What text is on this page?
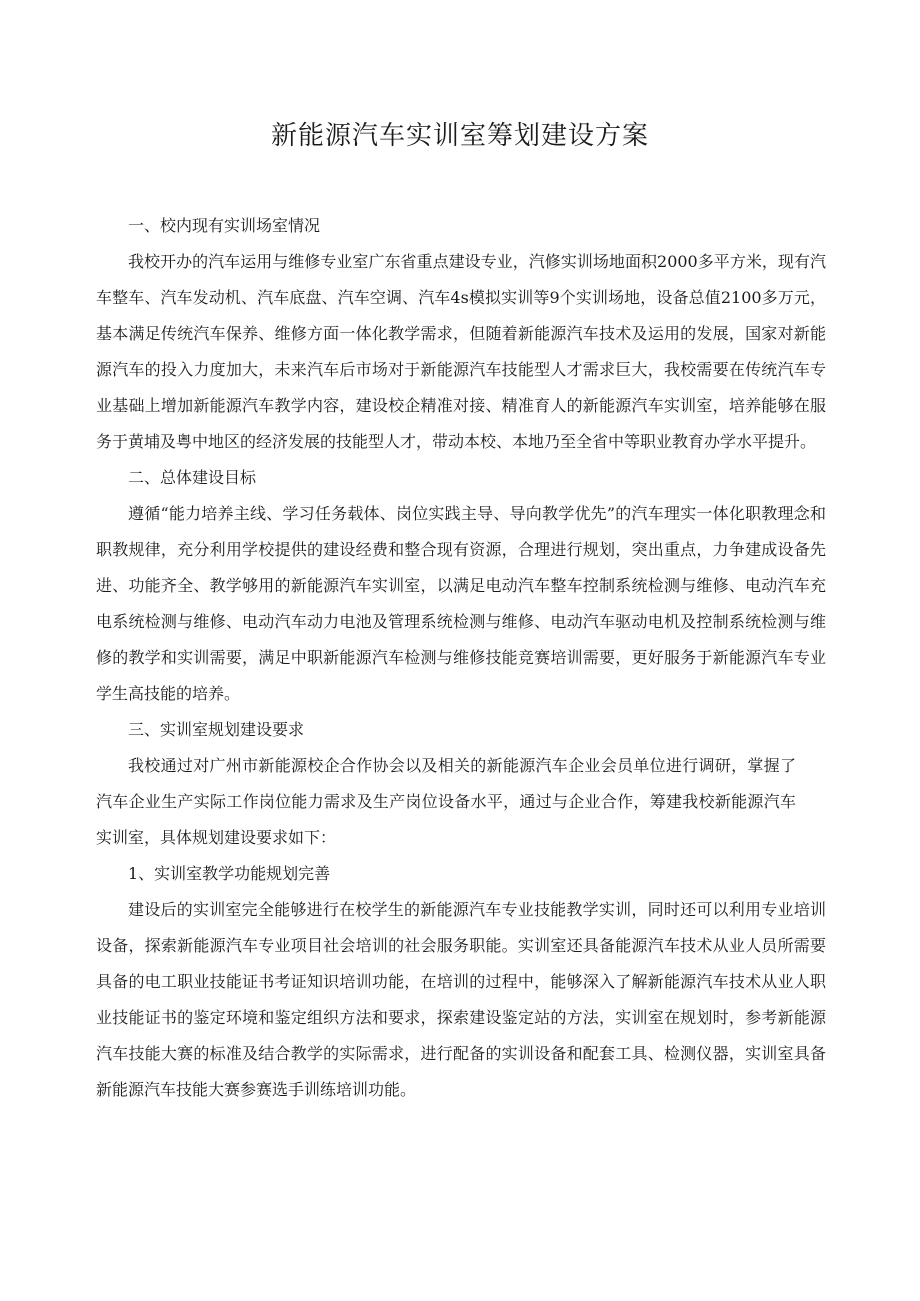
新能源汽车实训室筹划建设方案

一、校内现有实训场室情况

我校开办的汽车运用与维修专业室广东省重点建设专业，汽修实训场地面积2000多平方米，现有汽车整车、汽车发动机、汽车底盘、汽车空调、汽车4s模拟实训等9个实训场地，设备总值2100多万元，基本满足传统汽车保养、维修方面一体化教学需求，但随着新能源汽车技术及运用的发展，国家对新能源汽车的投入力度加大，未来汽车后市场对于新能源汽车技能型人才需求巨大，我校需要在传统汽车专业基础上增加新能源汽车教学内容，建设校企精准对接、精准育人的新能源汽车实训室，培养能够在服务于黄埔及粤中地区的经济发展的技能型人才，带动本校、本地乃至全省中等职业教育办学水平提升。

二、总体建设目标

遵循“能力培养主线、学习任务载体、岗位实践主导、导向教学优先”的汽车理实一体化职教理念和职教规律，充分利用学校提供的建设经费和整合现有资源，合理进行规划，突出重点，力争建成设备先进、功能齐全、教学够用的新能源汽车实训室，以满足电动汽车整车控制系统检测与维修、电动汽车充电系统检测与维修、电动汽车动力电池及管理系统检测与维修、电动汽车驱动电机及控制系统检测与维修的教学和实训需要，满足中职新能源汽车检测与维修技能竞赛培训需要，更好服务于新能源汽车专业学生高技能的培养。

三、实训室规划建设要求

我校通过对广州市新能源校企合作协会以及相关的新能源汽车企业会员单位进行调研，掌握了汽车企业生产实际工作岗位能力需求及生产岗位设备水平，通过与企业合作，筹建我校新能源汽车实训室，具体规划建设要求如下：

1、实训室教学功能规划完善

建设后的实训室完全能够进行在校学生的新能源汽车专业技能教学实训，同时还可以利用专业培训设备，探索新能源汽车专业项目社会培训的社会服务职能。实训室还具备能源汽车技术从业人员所需要具备的电工职业技能证书考证知识培训功能，在培训的过程中，能够深入了解新能源汽车技术从业人职业技能证书的鉴定环境和鉴定组织方法和要求，探索建设鉴定站的方法，实训室在规划时，参考新能源汽车技能大赛的标准及结合教学的实际需求，进行配备的实训设备和配套工具、检测仪器，实训室具备新能源汽车技能大赛参赛选手训练培训功能。
